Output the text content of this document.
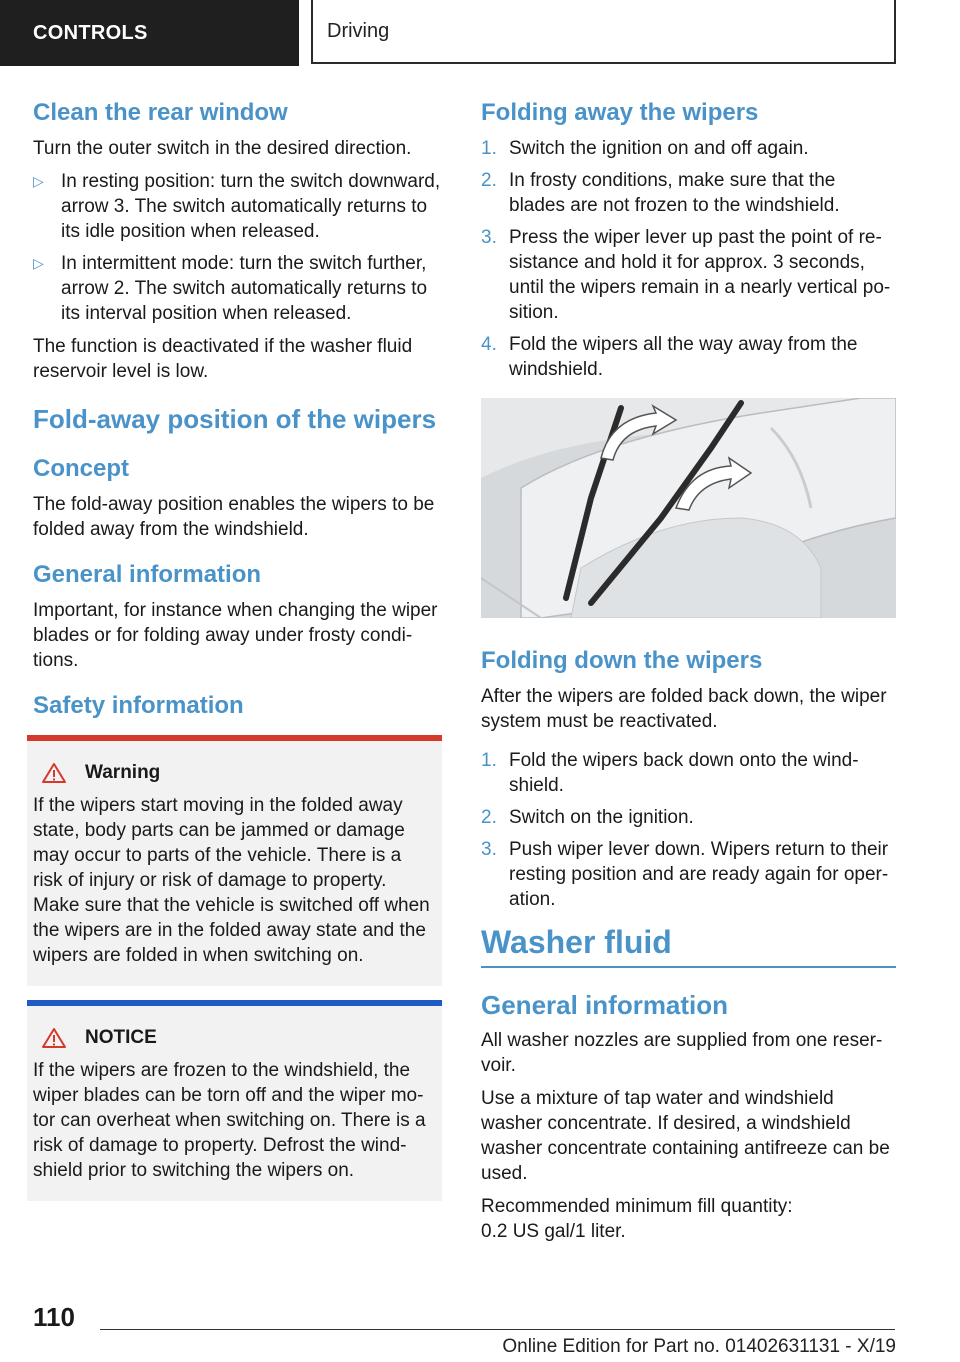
CONTROLS	Driving
Clean the rear window

Turn the outer switch in the desired direction.

▷ In resting position: turn the switch downward, arrow 3. The switch automatically returns to its idle position when released.
▷ In intermittent mode: turn the switch further, arrow 2. The switch automatically returns to its interval position when released.

The function is deactivated if the washer fluid reservoir level is low.

Fold-away position of the wipers
Concept

The fold-away position enables the wipers to be folded away from the windshield.

General information

Important, for instance when changing the wiper blades or for folding away under frosty conditions.

Safety information
Warning

If the wipers start moving in the folded away state, body parts can be jammed or damage may occur to parts of the vehicle. There is a risk of injury or risk of damage to property. Make sure that the vehicle is switched off when the wipers are in the folded away state and the wipers are folded in when switching on.

NOTICE

If the wipers are frozen to the windshield, the wiper blades can be torn off and the wiper motor can overheat when switching on. There is a risk of damage to property. Defrost the windshield prior to switching the wipers on.

Folding away the wipers
1. Switch the ignition on and off again.
2. In frosty conditions, make sure that the blades are not frozen to the windshield.
3. Press the wiper lever up past the point of resistance and hold it for approx. 3 seconds, until the wipers remain in a nearly vertical position.
4. Fold the wipers all the way away from the windshield.
Folding down the wipers

After the wipers are folded back down, the wiper system must be reactivated.

1. Fold the wipers back down onto the windshield.
2. Switch on the ignition.
3. Push wiper lever down. Wipers return to their resting position and are ready again for operation.
Washer fluid
General information

All washer nozzles are supplied from one reservoir.

Use a mixture of tap water and windshield washer concentrate. If desired, a windshield washer concentrate containing antifreeze can be used.

Recommended minimum fill quantity:
0.2 US gal/1 liter.

110
Online Edition for Part no. 01402631131 - X/19
